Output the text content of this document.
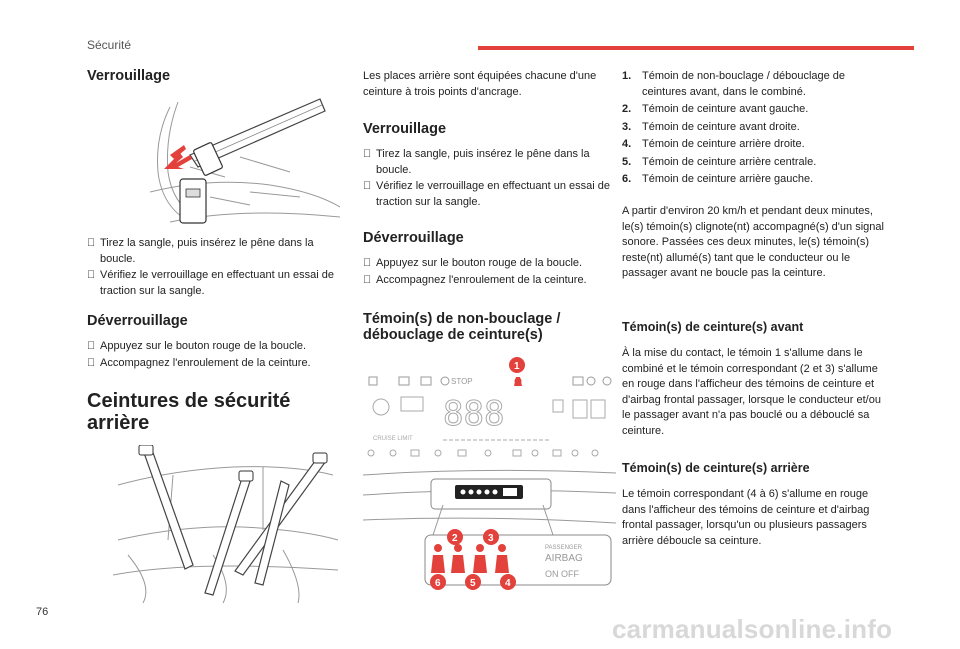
Sécurité
Verrouillage

Tirez la sangle, puis insérez le pêne dans la boucle.

Vérifiez le verrouillage en effectuant un essai de traction sur la sangle.

Déverrouillage

Appuyez sur le bouton rouge de la boucle.

Accompagnez l'enroulement de la ceinture.

Ceintures de sécurité arrière
Les places arrière sont équipées chacune d'une ceinture à trois points d'ancrage.
Verrouillage

Tirez la sangle, puis insérez le pêne dans la boucle.

Vérifiez le verrouillage en effectuant un essai de traction sur la sangle.

Déverrouillage

Appuyez sur le bouton rouge de la boucle.

Accompagnez l'enroulement de la ceinture.

Témoin(s) de non-bouclage / débouclage de ceinture(s)
STOP
888
CRUISE LIMIT
PASSENGER
AIRBAG
ON OFF
1
2	3
4
5
6
1. Témoin de non-bouclage / débouclage de ceintures avant, dans le combiné.
2. Témoin de ceinture avant gauche.
3. Témoin de ceinture avant droite.
4. Témoin de ceinture arrière droite.
5. Témoin de ceinture arrière centrale.
6. Témoin de ceinture arrière gauche.
A partir d'environ 20 km/h et pendant deux minutes, le(s) témoin(s) clignote(nt) accompagné(s) d'un signal sonore. Passées ces deux minutes, le(s) témoin(s) reste(nt) allumé(s) tant que le conducteur ou le passager avant ne boucle pas la ceinture.
Témoin(s) de ceinture(s) avant
À la mise du contact, le témoin 1 s'allume dans le combiné et le témoin correspondant (2 et 3) s'allume en rouge dans l'afficheur des témoins de ceinture et d'airbag frontal passager, lorsque le conducteur et/ou le passager avant n'a pas bouclé ou a débouclé sa ceinture.
Témoin(s) de ceinture(s) arrière
Le témoin correspondant (4 à 6) s'allume en rouge dans l'afficheur des témoins de ceinture et d'airbag frontal passager, lorsqu'un ou plusieurs passagers arrière déboucle sa ceinture.
76
carmanualsonline.info
